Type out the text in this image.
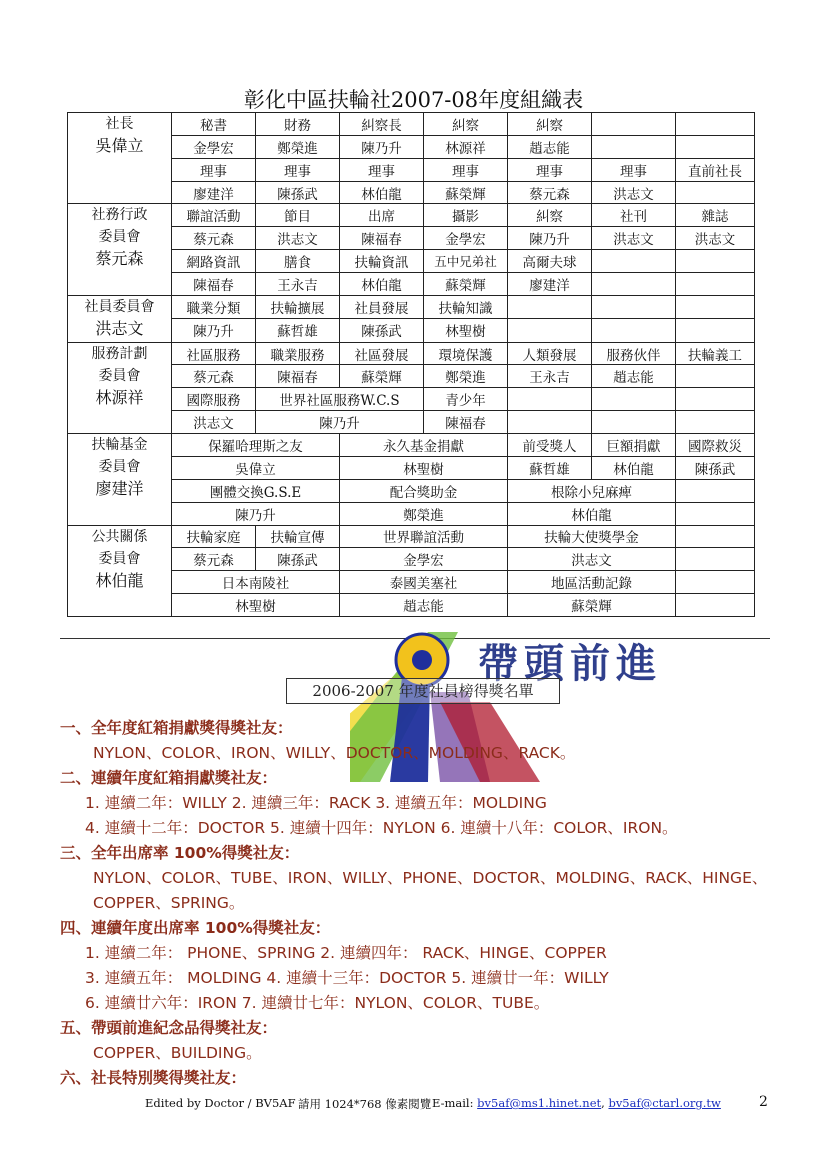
彰化中區扶輪社2007-08年度組織表
社長
吳偉立	秘書	財務	糾察長	糾察	糾察		
	金學宏	鄭榮進	陳乃升	林源祥	趙志能		
	理事	理事	理事	理事	理事	理事	直前社長
	廖建洋	陳孫武	林伯龍	蘇榮輝	蔡元森	洪志文	

社務行政
委員會
蔡元森	聯誼活動	節目	出席	攝影	糾察	社刊	雜誌
	蔡元森	洪志文	陳福春	金學宏	陳乃升	洪志文	洪志文
	網路資訊	膳食	扶輪資訊	五中兄弟社	高爾夫球		
	陳福春	王永吉	林伯龍	蘇榮輝	廖建洋		

社員委員會
洪志文	職業分類	扶輪擴展	社員發展	扶輪知識			
	陳乃升	蘇哲雄	陳孫武	林聖樹			

服務計劃
委員會
林源祥	社區服務	職業服務	社區發展	環境保護	人類發展	服務伙伴	扶輪義工
	蔡元森	陳福春	蘇榮輝	鄭榮進	王永吉	趙志能	
	國際服務	世界社區服務W.C.S		青少年			
	洪志文	陳乃升		陳福春			

扶輪基金
委員會
廖建洋	保羅哈理斯之友		永久基金捐獻		前受獎人	巨額捐獻	國際救災
	吳偉立		林聖樹		蘇哲雄	林伯龍	陳孫武
	團體交換G.S.E		配合獎助金		根除小兒麻痺		
	陳乃升		鄭榮進		林伯龍		

公共關係
委員會
林伯龍	扶輪家庭	扶輪宣傳	世界聯誼活動		扶輪大使獎學金		
	蔡元森	陳孫武	金學宏		洪志文		
	日本南陵社		泰國美塞社		地區活動記錄		
	林聖樹		趙志能		蘇榮輝		
帶頭前進
2006-2007 年度社員榜得獎名單
一、全年度紅箱捐獻獎得獎社友：
NYLON、COLOR、IRON、WILLY、DOCTOR、MOLDING、RACK。
二、連續年度紅箱捐獻獎社友：
1. 連續二年：WILLY 2. 連續三年：RACK 3. 連續五年：MOLDING
4. 連續十二年：DOCTOR 5. 連續十四年：NYLON 6. 連續十八年：COLOR、IRON。
三、全年出席率 100%得獎社友：
NYLON、COLOR、TUBE、IRON、WILLY、PHONE、DOCTOR、MOLDING、RACK、HINGE、
COPPER、SPRING。
四、連續年度出席率 100%得獎社友：
1. 連續二年： PHONE、SPRING 2. 連續四年： RACK、HINGE、COPPER
3. 連續五年： MOLDING 4. 連續十三年：DOCTOR 5. 連續廿一年：WILLY
6. 連續廿六年：IRON 7. 連續廿七年：NYLON、COLOR、TUBE。
五、帶頭前進紀念品得獎社友：
COPPER、BUILDING。
六、社長特別獎得獎社友：
Edited by Doctor / BV5AF 請用 1024*768 像素閱覽 E-mail: bv5af@ms1.hinet.net, bv5af@ctarl.org.tw	2
